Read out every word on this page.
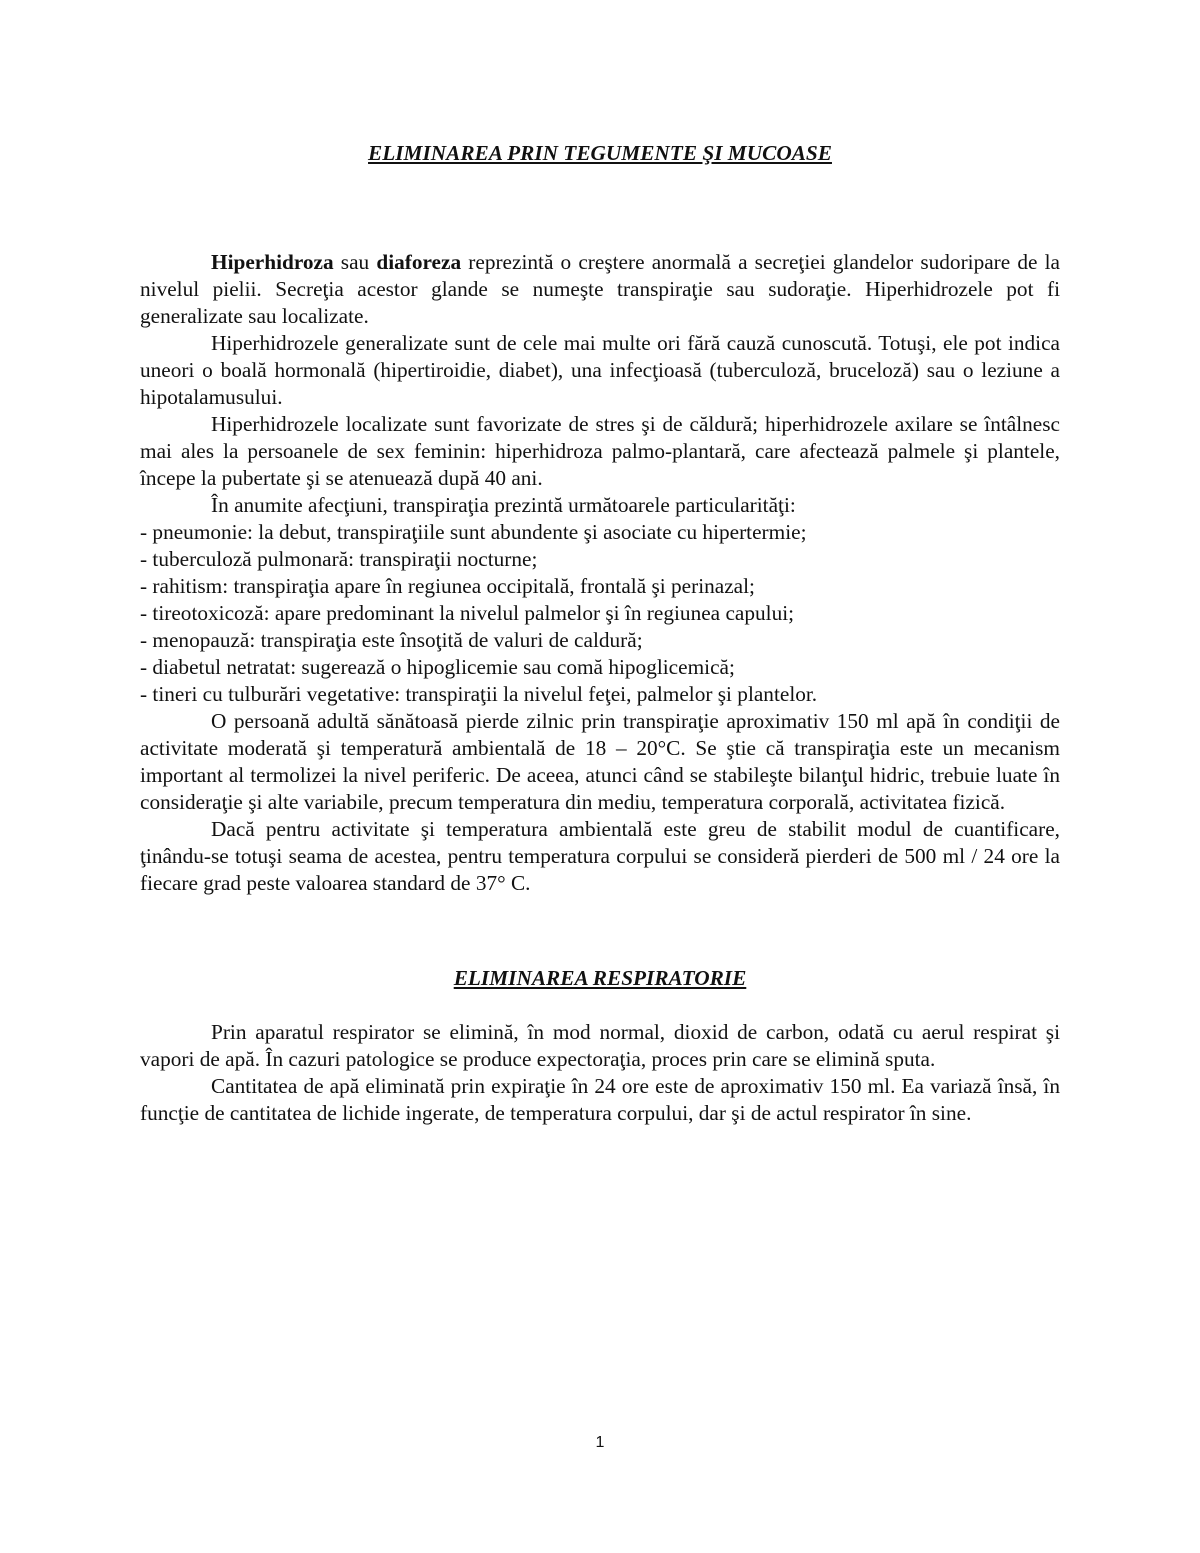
ELIMINAREA PRIN TEGUMENTE ŞI MUCOASE

Hiperhidroza sau diaforeza reprezintă o creştere anormală a secreţiei glandelor sudoripare de la nivelul pielii. Secreţia acestor glande se numeşte transpiraţie sau sudoraţie. Hiperhidrozele pot fi generalizate sau localizate.

Hiperhidrozele generalizate sunt de cele mai multe ori fără cauză cunoscută. Totuşi, ele pot indica uneori o boală hormonală (hipertiroidie, diabet), una infecţioasă (tuberculoză, bruceloză) sau o leziune a hipotalamusului.

Hiperhidrozele localizate sunt favorizate de stres şi de căldură; hiperhidrozele axilare se întâlnesc mai ales la persoanele de sex feminin: hiperhidroza palmo-plantară, care afectează palmele şi plantele, începe la pubertate şi se atenuează după 40 ani.

În anumite afecţiuni, transpiraţia prezintă următoarele particularităţi:

- pneumonie: la debut, transpiraţiile sunt abundente şi asociate cu hipertermie;
- tuberculoză pulmonară: transpiraţii nocturne;
- rahitism: transpiraţia apare în regiunea occipitală, frontală şi perinazal;
- tireotoxicoză: apare predominant la nivelul palmelor şi în regiunea capului;
- menopauză: transpiraţia este însoţită de valuri de caldură;
- diabetul netratat: sugerează o hipoglicemie sau comă hipoglicemică;
- tineri cu tulburări vegetative: transpiraţii la nivelul feţei, palmelor şi plantelor.

O persoană adultă sănătoasă pierde zilnic prin transpiraţie aproximativ 150 ml apă în condiţii de activitate moderată şi temperatură ambientală de 18 – 20°C. Se ştie că transpiraţia este un mecanism important al termolizei la nivel periferic. De aceea, atunci când se stabileşte bilanţul hidric, trebuie luate în consideraţie şi alte variabile, precum temperatura din mediu, temperatura corporală, activitatea fizică.

Dacă pentru activitate şi temperatura ambientală este greu de stabilit modul de cuantificare, ţinându-se totuşi seama de acestea, pentru temperatura corpului se consideră pierderi de 500 ml / 24 ore la fiecare grad peste valoarea standard de 37° C.

ELIMINAREA RESPIRATORIE

Prin aparatul respirator se elimină, în mod normal, dioxid de carbon, odată cu aerul respirat şi vapori de apă. În cazuri patologice se produce expectoraţia, proces prin care se elimină sputa.

Cantitatea de apă eliminată prin expiraţie în 24 ore este de aproximativ 150 ml. Ea variază însă, în funcţie de cantitatea de lichide ingerate, de temperatura corpului, dar şi de actul respirator în sine.

1
